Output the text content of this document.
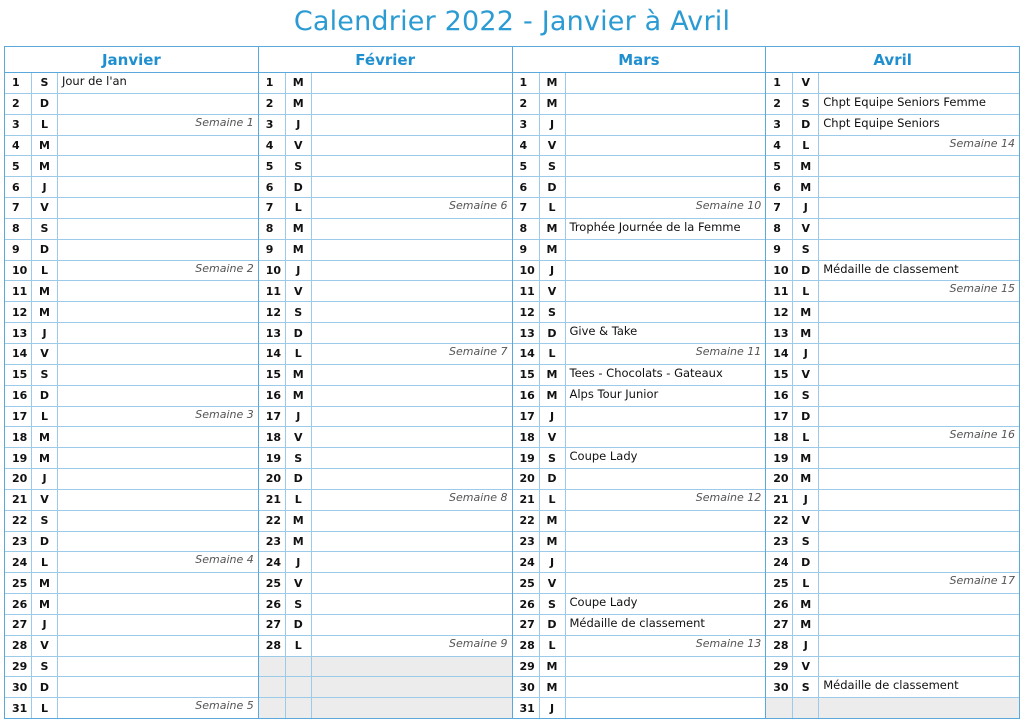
Calendrier 2022 - Janvier à Avril
Janvier
1	S	Jour de l'an
2	D
3	L	Semaine 1
4	M
5	M
6	J
7	V
8	S
9	D
10	L	Semaine 2
11	M
12	M
13	J
14	V
15	S
16	D
17	L	Semaine 3
18	M
19	M
20	J
21	V
22	S
23	D
24	L	Semaine 4
25	M
26	M
27	J
28	V
29	S
30	D
31	L	Semaine 5
Février
1	M
2	M
3	J
4	V
5	S
6	D
7	L	Semaine 6
8	M
9	M
10	J
11	V
12	S
13	D
14	L	Semaine 7
15	M
16	M
17	J
18	V
19	S
20	D
21	L	Semaine 8
22	M
23	M
24	J
25	V
26	S
27	D
28	L	Semaine 9
Mars
1	M
2	M
3	J
4	V
5	S
6	D
7	L	Semaine 10
8	M	Trophée Journée de la Femme
9	M
10	J
11	V
12	S
13	D	Give & Take
14	L	Semaine 11
15	M	Tees - Chocolats - Gateaux
16	M	Alps Tour Junior
17	J
18	V
19	S	Coupe Lady
20	D
21	L	Semaine 12
22	M
23	M
24	J
25	V
26	S	Coupe Lady
27	D	Médaille de classement
28	L	Semaine 13
29	M
30	M
31	J
Avril
1	V
2	S	Chpt Equipe Seniors Femme
3	D	Chpt Equipe Seniors
4	L	Semaine 14
5	M
6	M
7	J
8	V
9	S
10	D	Médaille de classement
11	L	Semaine 15
12	M
13	M
14	J
15	V
16	S
17	D
18	L	Semaine 16
19	M
20	M
21	J
22	V
23	S
24	D
25	L	Semaine 17
26	M
27	M
28	J
29	V
30	S	Médaille de classement
